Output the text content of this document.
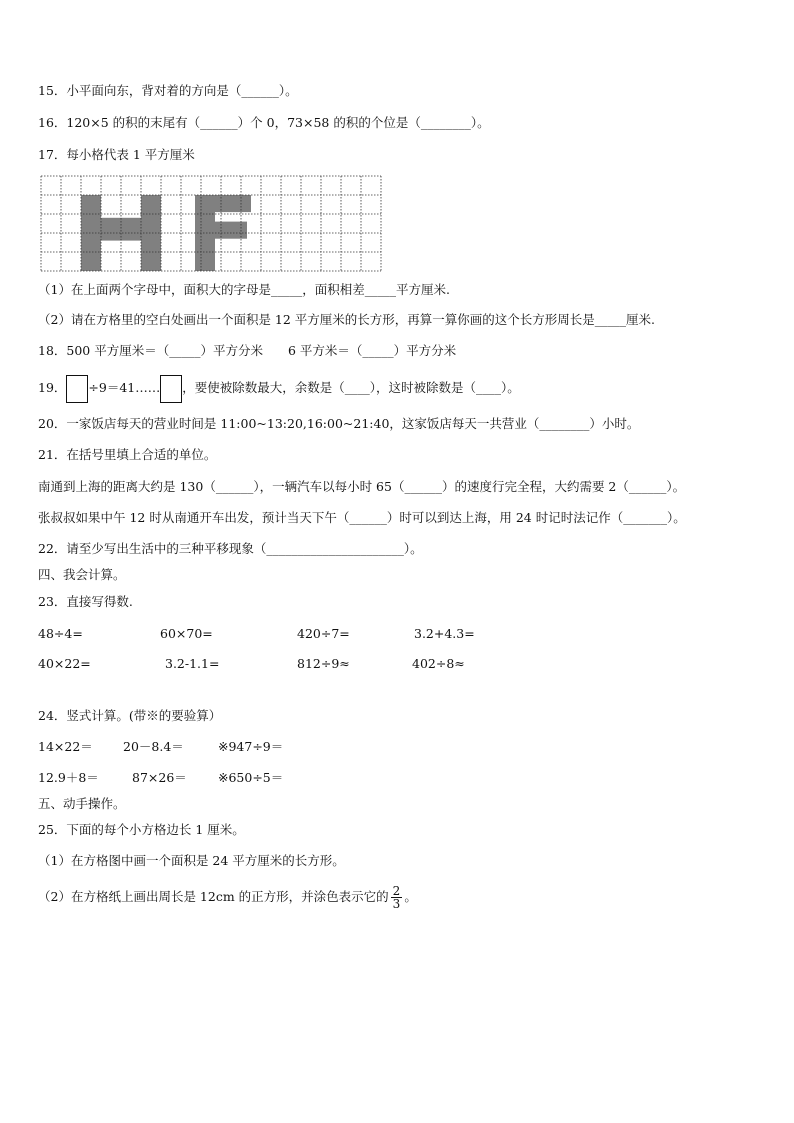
15．小平面向东，背对着的方向是（______）。
16．120×5 的积的末尾有（______）个 0，73×58 的积的个位是（________）。
17．每小格代表 1 平方厘米
（1）在上面两个字母中，面积大的字母是_____，面积相差_____平方厘米.
（2）请在方格里的空白处画出一个面积是 12 平方厘米的长方形，再算一算你画的这个长方形周长是_____厘米.
18．500 平方厘米＝（_____）平方分米　　6 平方米＝（_____）平方分米
19． ÷9＝41…… ，要使被除数最大，余数是（____），这时被除数是（____）。
20．一家饭店每天的营业时间是 11:00~13:20,16:00~21:40，这家饭店每天一共营业（________）小时。
21．在括号里填上合适的单位。
南通到上海的距离大约是 130（______），一辆汽车以每小时 65（______）的速度行完全程，大约需要 2（______）。
张叔叔如果中午 12 时从南通开车出发，预计当天下午（______）时可以到达上海，用 24 时记时法记作（_______）。
22．请至少写出生活中的三种平移现象（______________________）。
四、我会计算。
23．直接写得数.
48÷4=	60×70=	420÷7=	3.2+4.3=
40×22=	3.2-1.1=	812÷9≈	402÷8≈
24．竖式计算。(带※的要验算）
14×22＝ 20－8.4＝	※947÷9＝
12.9＋8＝	87×26＝ ※650÷5＝
五、动手操作。
25．下面的每个小方格边长 1 厘米。
（1）在方格图中画一个面积是 24 平方厘米的长方形。
（2）在方格纸上画出周长是 12cm 的正方形，并涂色表示它的 $\frac{2}{3}$ 。
